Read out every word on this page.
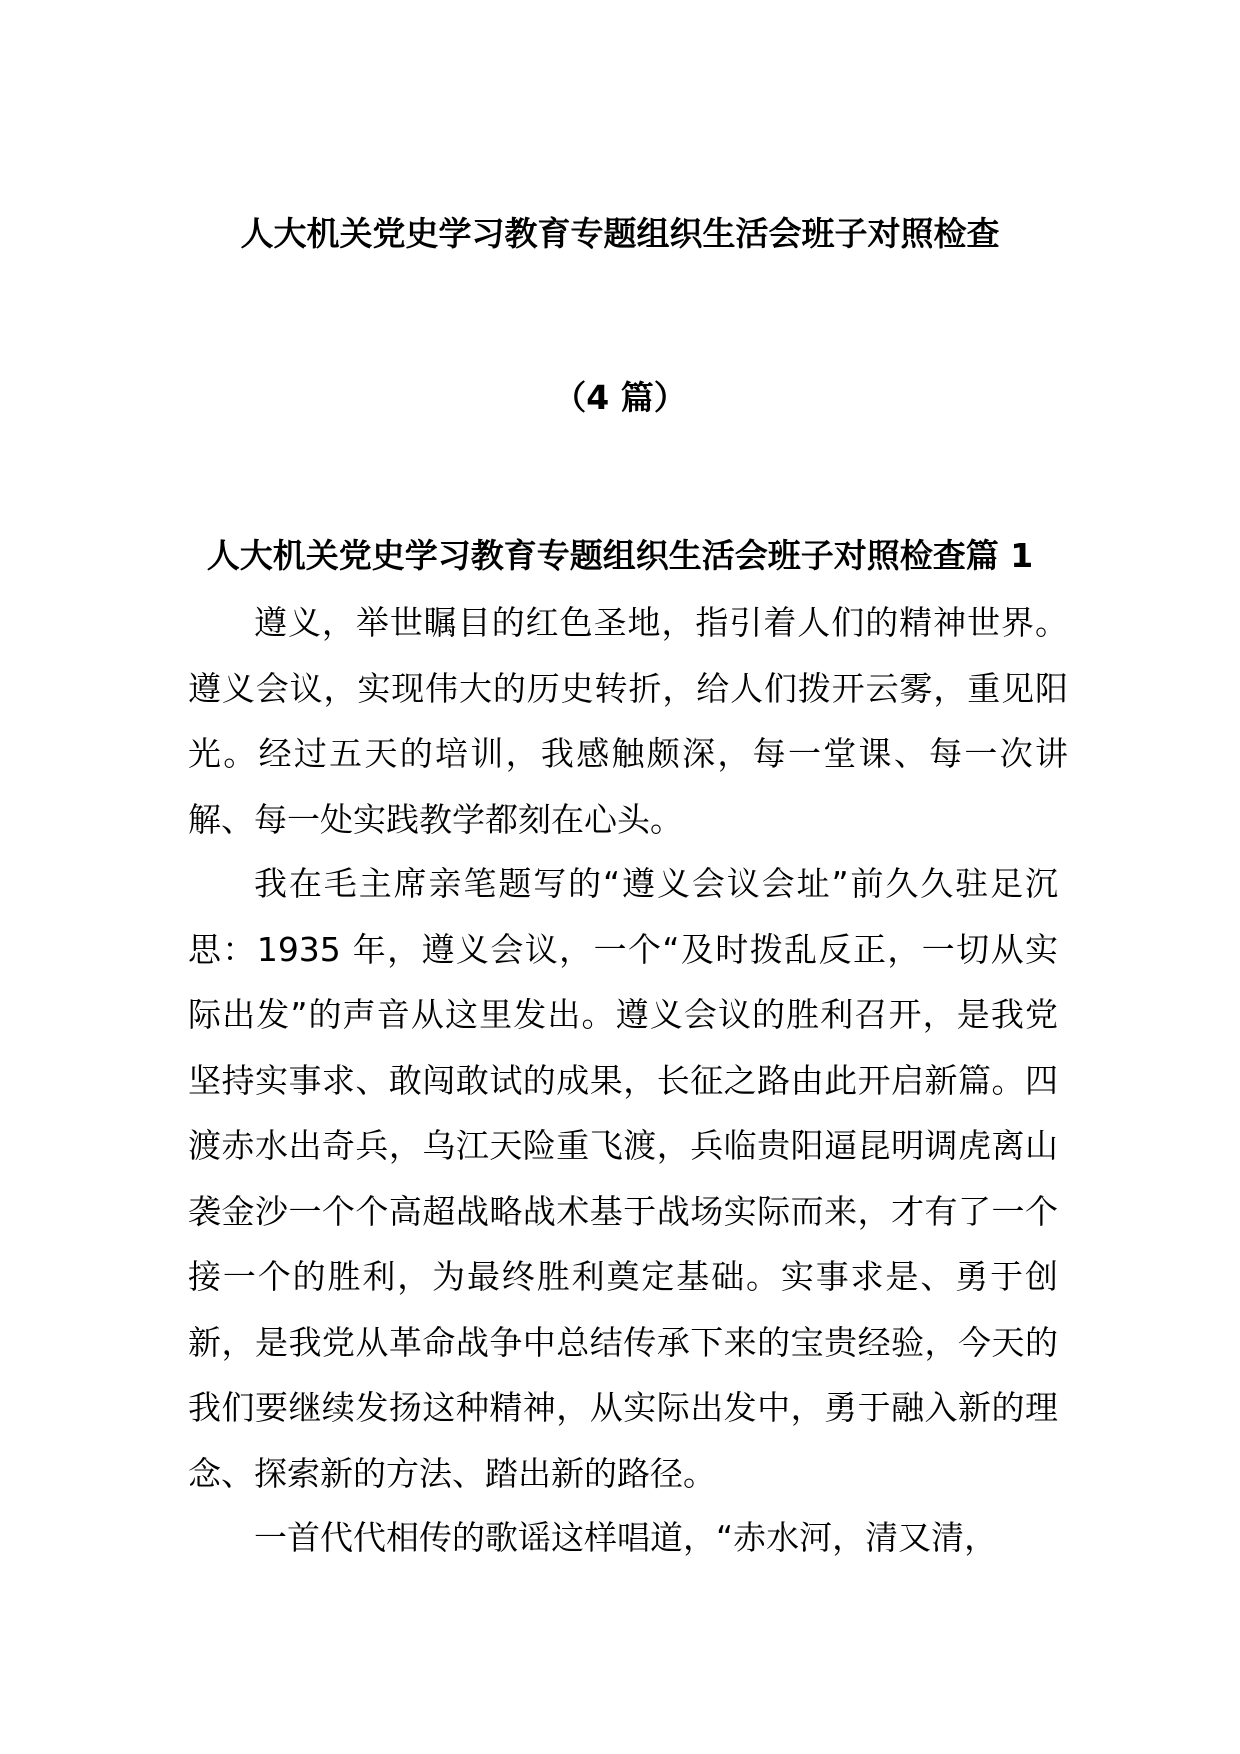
人大机关党史学习教育专题组织生活会班子对照检查
（4 篇）
人大机关党史学习教育专题组织生活会班子对照检查篇 1

遵义，举世瞩目的红色圣地，指引着人们的精神世界。遵义会议，实现伟大的历史转折，给人们拨开云雾，重见阳光。经过五天的培训，我感触颇深，每一堂课、每一次讲解、每一处实践教学都刻在心头。

我在毛主席亲笔题写的“遵义会议会址”前久久驻足沉思：1935 年，遵义会议，一个“及时拨乱反正，一切从实际出发”的声音从这里发出。遵义会议的胜利召开，是我党坚持实事求、敢闯敢试的成果，长征之路由此开启新篇。四渡赤水出奇兵，乌江天险重飞渡，兵临贵阳逼昆明调虎离山袭金沙一个个高超战略战术基于战场实际而来，才有了一个接一个的胜利，为最终胜利奠定基础。实事求是、勇于创新，是我党从革命战争中总结传承下来的宝贵经验，今天的我们要继续发扬这种精神，从实际出发中，勇于融入新的理念、探索新的方法、踏出新的路径。

一首代代相传的歌谣这样唱道，“赤水河，清又清，
